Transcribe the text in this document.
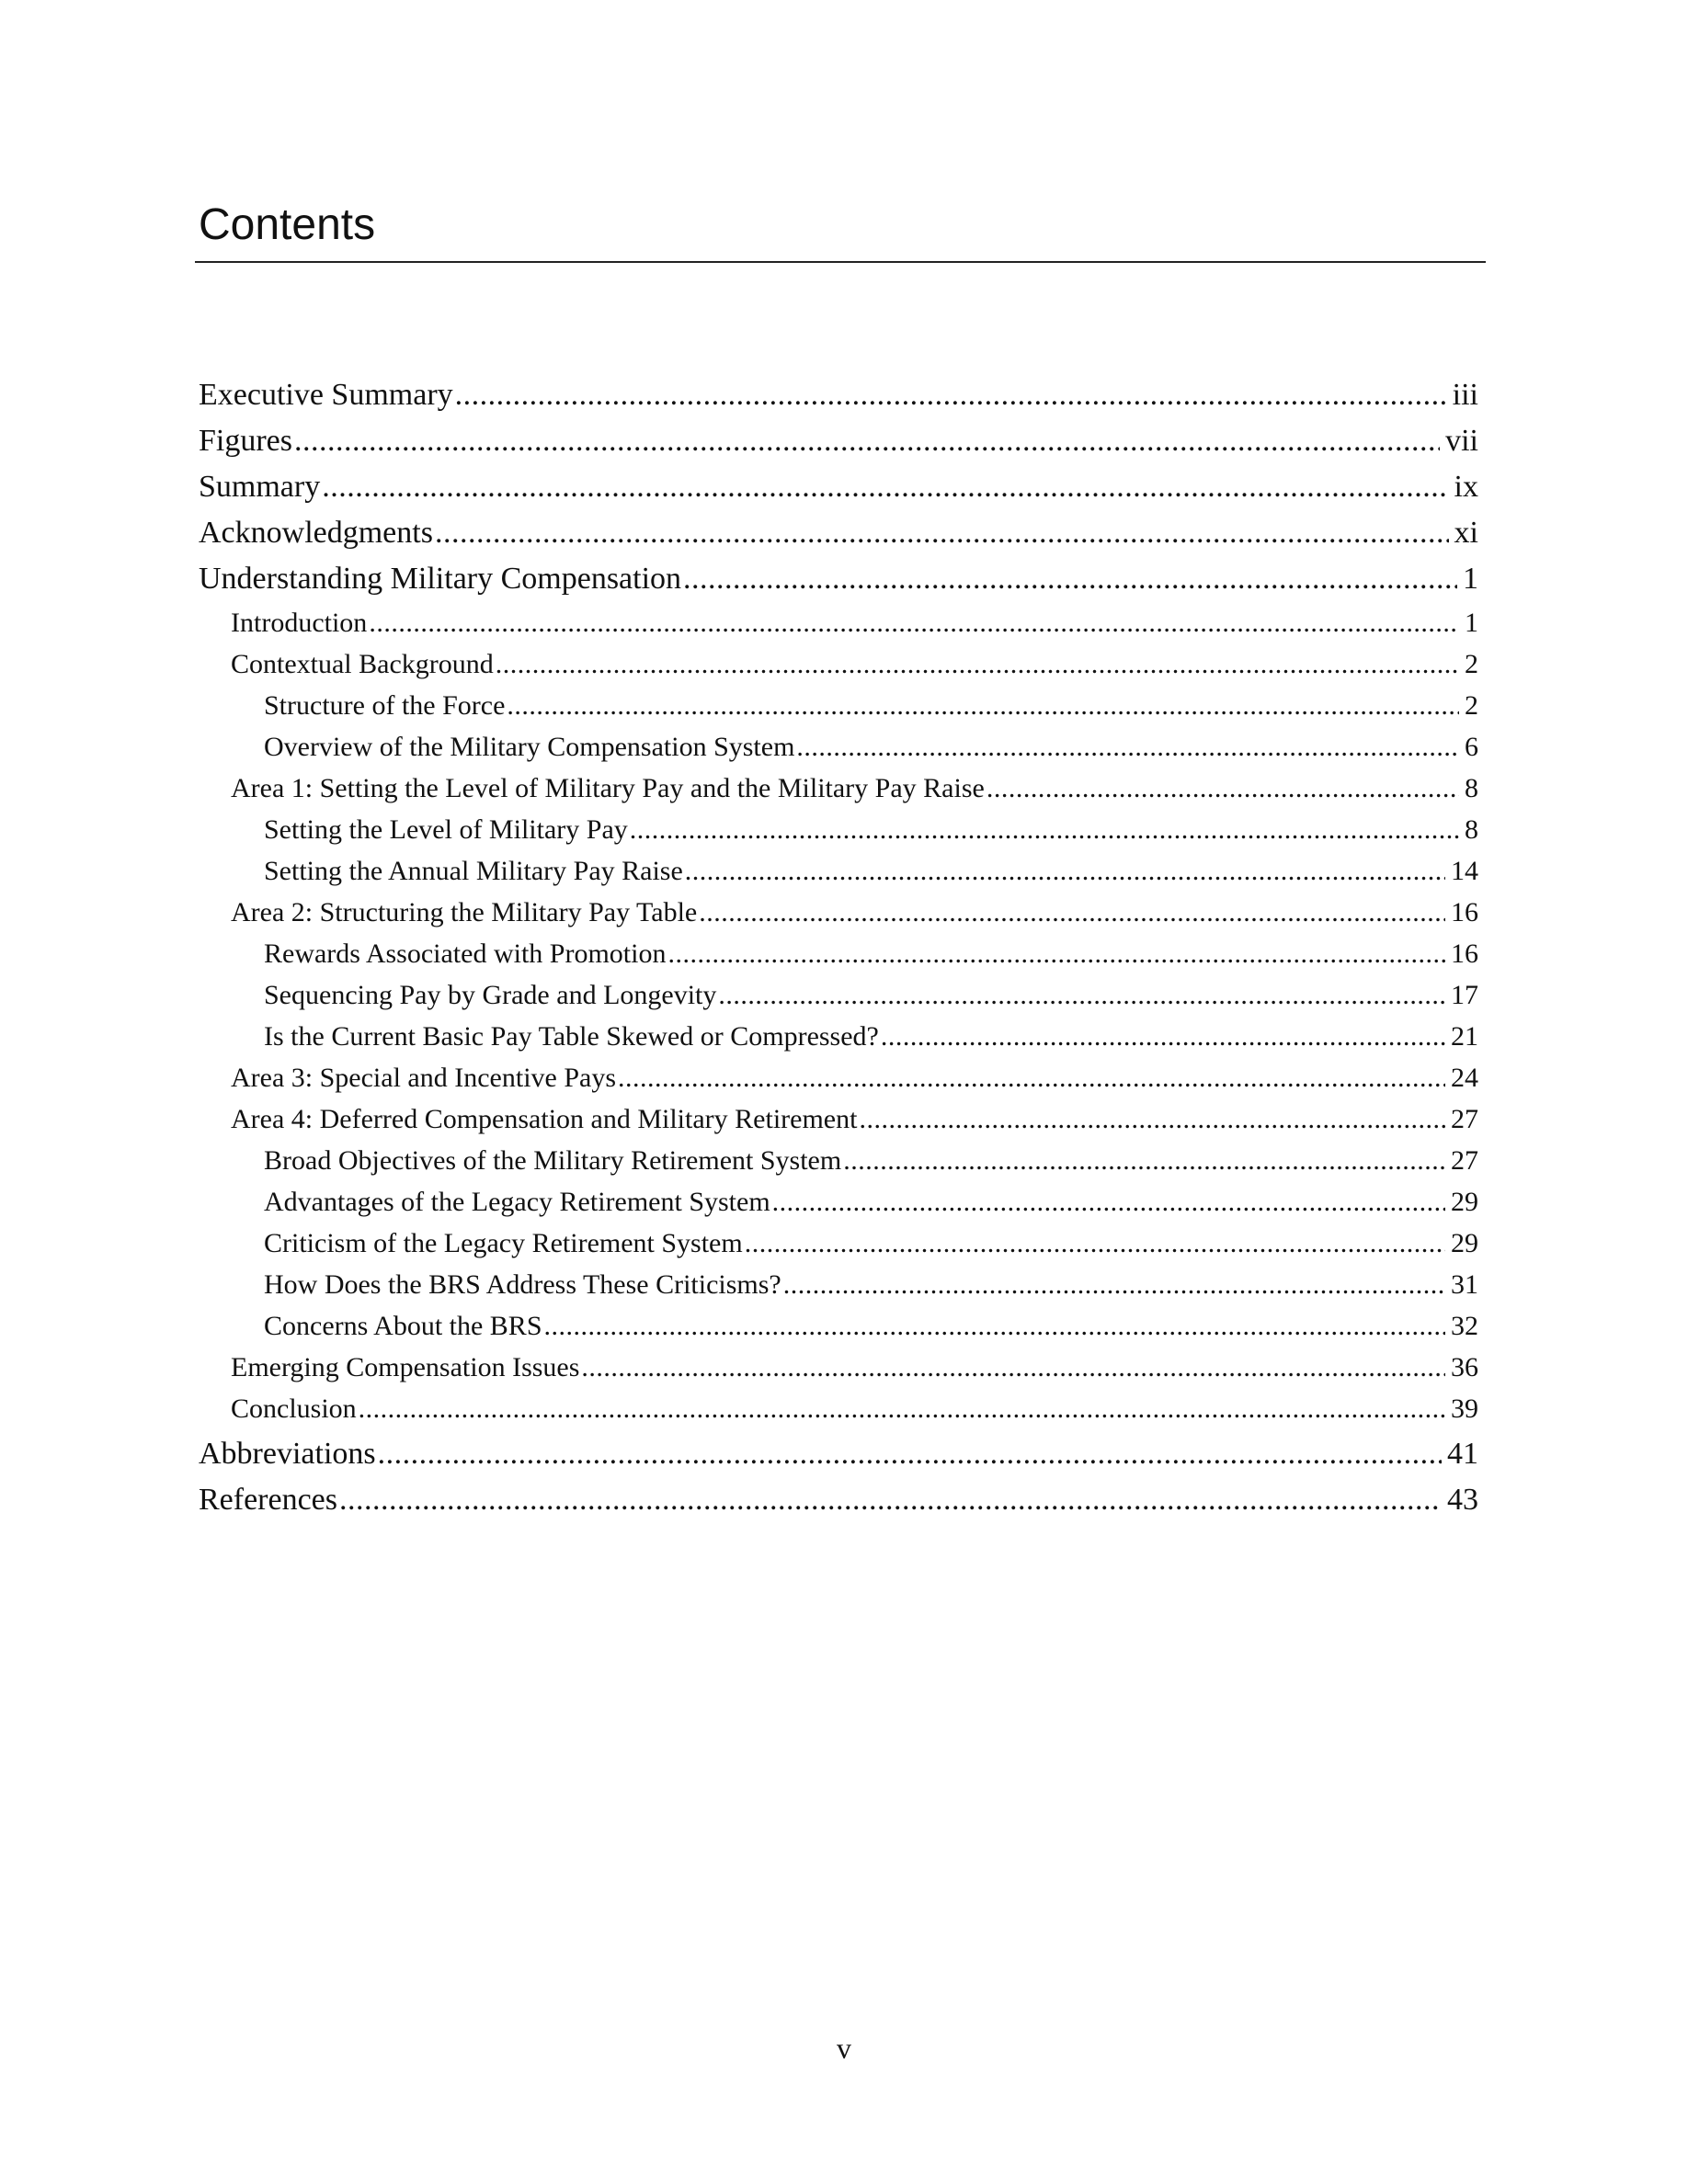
Contents
Executive Summary .....	iii
Figures .....	vii
Summary .....	ix
Acknowledgments .....	xi
Understanding Military Compensation .....	1
Introduction .....	1
Contextual Background .....	2
Structure of the Force .....	2
Overview of the Military Compensation System .....	6
Area 1: Setting the Level of Military Pay and the Military Pay Raise .....	8
Setting the Level of Military Pay .....	8
Setting the Annual Military Pay Raise .....	14
Area 2: Structuring the Military Pay Table .....	16
Rewards Associated with Promotion .....	16
Sequencing Pay by Grade and Longevity .....	17
Is the Current Basic Pay Table Skewed or Compressed? .....	21
Area 3: Special and Incentive Pays .....	24
Area 4: Deferred Compensation and Military Retirement .....	27
Broad Objectives of the Military Retirement System .....	27
Advantages of the Legacy Retirement System .....	29
Criticism of the Legacy Retirement System .....	29
How Does the BRS Address These Criticisms? .....	31
Concerns About the BRS .....	32
Emerging Compensation Issues .....	36
Conclusion .....	39
Abbreviations .....	41
References .....	43
v
